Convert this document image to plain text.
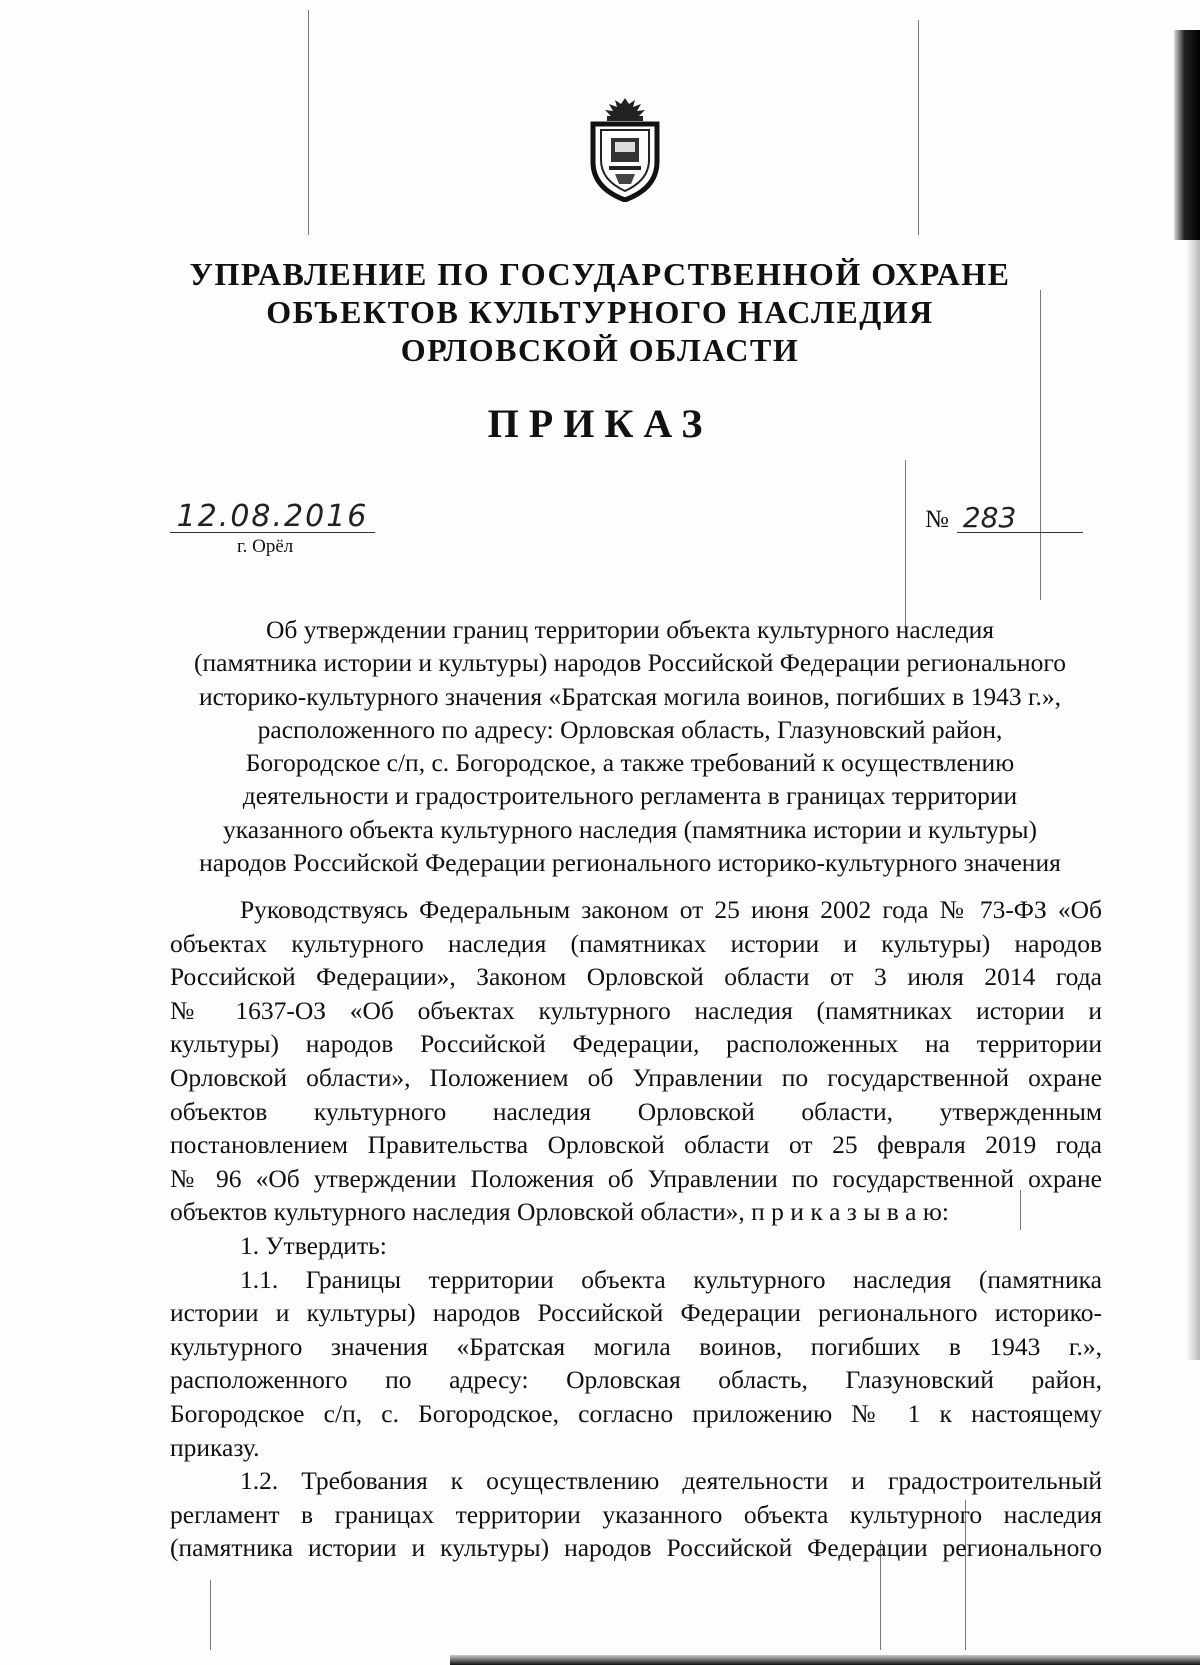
УПРАВЛЕНИЕ ПО ГОСУДАРСТВЕННОЙ ОХРАНЕ
ОБЪЕКТОВ КУЛЬТУРНОГО НАСЛЕДИЯ
ОРЛОВСКОЙ ОБЛАСТИ
ПРИКАЗ
12.08.2016
г. Орёл
№ 283
Об утверждении границ территории объекта культурного наследия
(памятника истории и культуры) народов Российской Федерации регионального
историко-культурного значения «Братская могила воинов, погибших в 1943 г.»,
расположенного по адресу: Орловская область, Глазуновский район,
Богородское с/п, с. Богородское, а также требований к осуществлению
деятельности и градостроительного регламента в границах территории
указанного объекта культурного наследия (памятника истории и культуры)
народов Российской Федерации регионального историко-культурного значения
Руководствуясь Федеральным законом от 25 июня 2002 года № 73-ФЗ «Об
объектах культурного наследия (памятниках истории и культуры) народов
Российской Федерации», Законом Орловской области от 3 июля 2014 года
№ 1637-ОЗ «Об объектах культурного наследия (памятниках истории и
культуры) народов Российской Федерации, расположенных на территории
Орловской области», Положением об Управлении по государственной охране
объектов культурного наследия Орловской области, утвержденным
постановлением Правительства Орловской области от 25 февраля 2019 года
№ 96 «Об утверждении Положения об Управлении по государственной охране
объектов культурного наследия Орловской области», п р и к а з ы в а ю:
1. Утвердить:
1.1. Границы территории объекта культурного наследия (памятника
истории и культуры) народов Российской Федерации регионального историко-
культурного значения «Братская могила воинов, погибших в 1943 г.»,
расположенного по адресу: Орловская область, Глазуновский район,
Богородское с/п, с. Богородское, согласно приложению № 1 к настоящему
приказу.
1.2. Требования к осуществлению деятельности и градостроительный
регламент в границах территории указанного объекта культурного наследия
(памятника истории и культуры) народов Российской Федерации регионального
